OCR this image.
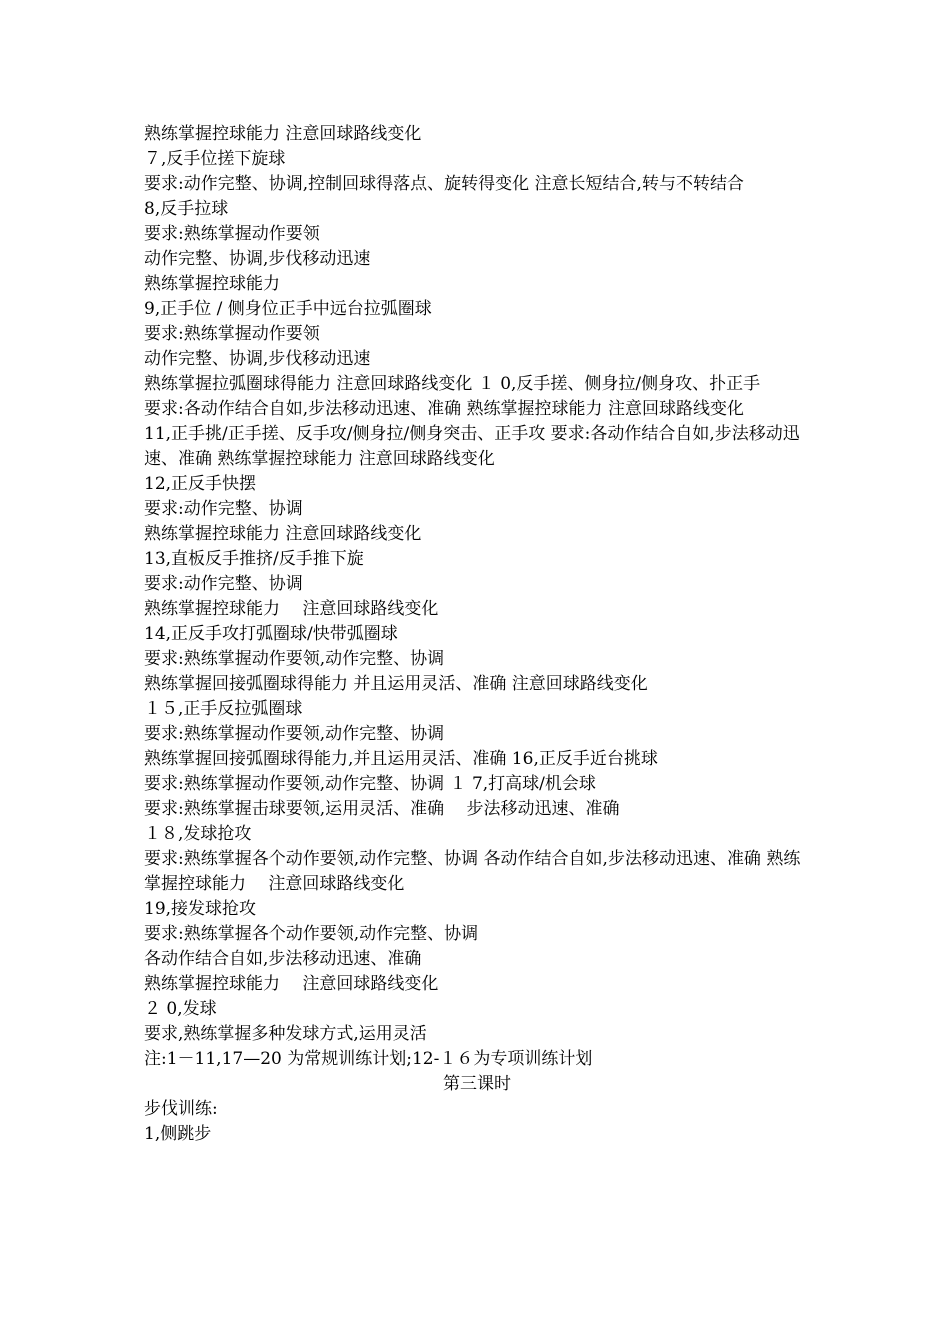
熟练掌握控球能力 注意回球路线变化

７,反手位搓下旋球

要求:动作完整、协调,控制回球得落点、旋转得变化 注意长短结合,转与不转结合

8,反手拉球

要求:熟练掌握动作要领

动作完整、协调,步伐移动迅速

熟练掌握控球能力

9,正手位 / 侧身位正手中远台拉弧圈球

要求:熟练掌握动作要领

动作完整、协调,步伐移动迅速

熟练掌握拉弧圈球得能力 注意回球路线变化 １ 0,反手搓、侧身拉/侧身攻、扑正手

要求:各动作结合自如,步法移动迅速、准确 熟练掌握控球能力 注意回球路线变化

11,正手挑/正手搓、反手攻/侧身拉/侧身突击、正手攻 要求:各动作结合自如,步法移动迅速、准确 熟练掌握控球能力 注意回球路线变化

12,正反手快摆

要求:动作完整、协调

熟练掌握控球能力 注意回球路线变化

13,直板反手推挤/反手推下旋

要求:动作完整、协调

熟练掌握控球能力　 注意回球路线变化

14,正反手攻打弧圈球/快带弧圈球

要求:熟练掌握动作要领,动作完整、协调

熟练掌握回接弧圈球得能力 并且运用灵活、准确 注意回球路线变化

１５,正手反拉弧圈球

要求:熟练掌握动作要领,动作完整、协调

熟练掌握回接弧圈球得能力,并且运用灵活、准确 16,正反手近台挑球

要求:熟练掌握动作要领,动作完整、协调 １ 7,打高球/机会球

要求:熟练掌握击球要领,运用灵活、准确　 步法移动迅速、准确

１８,发球抢攻

要求:熟练掌握各个动作要领,动作完整、协调 各动作结合自如,步法移动迅速、准确 熟练掌握控球能力　 注意回球路线变化

19,接发球抢攻

要求:熟练掌握各个动作要领,动作完整、协调

各动作结合自如,步法移动迅速、准确

熟练掌握控球能力　 注意回球路线变化

２ 0,发球

要求,熟练掌握多种发球方式,运用灵活

注:1－11,17—20 为常规训练计划;12-１６为专项训练计划

第三课时

步伐训练:

1,侧跳步
